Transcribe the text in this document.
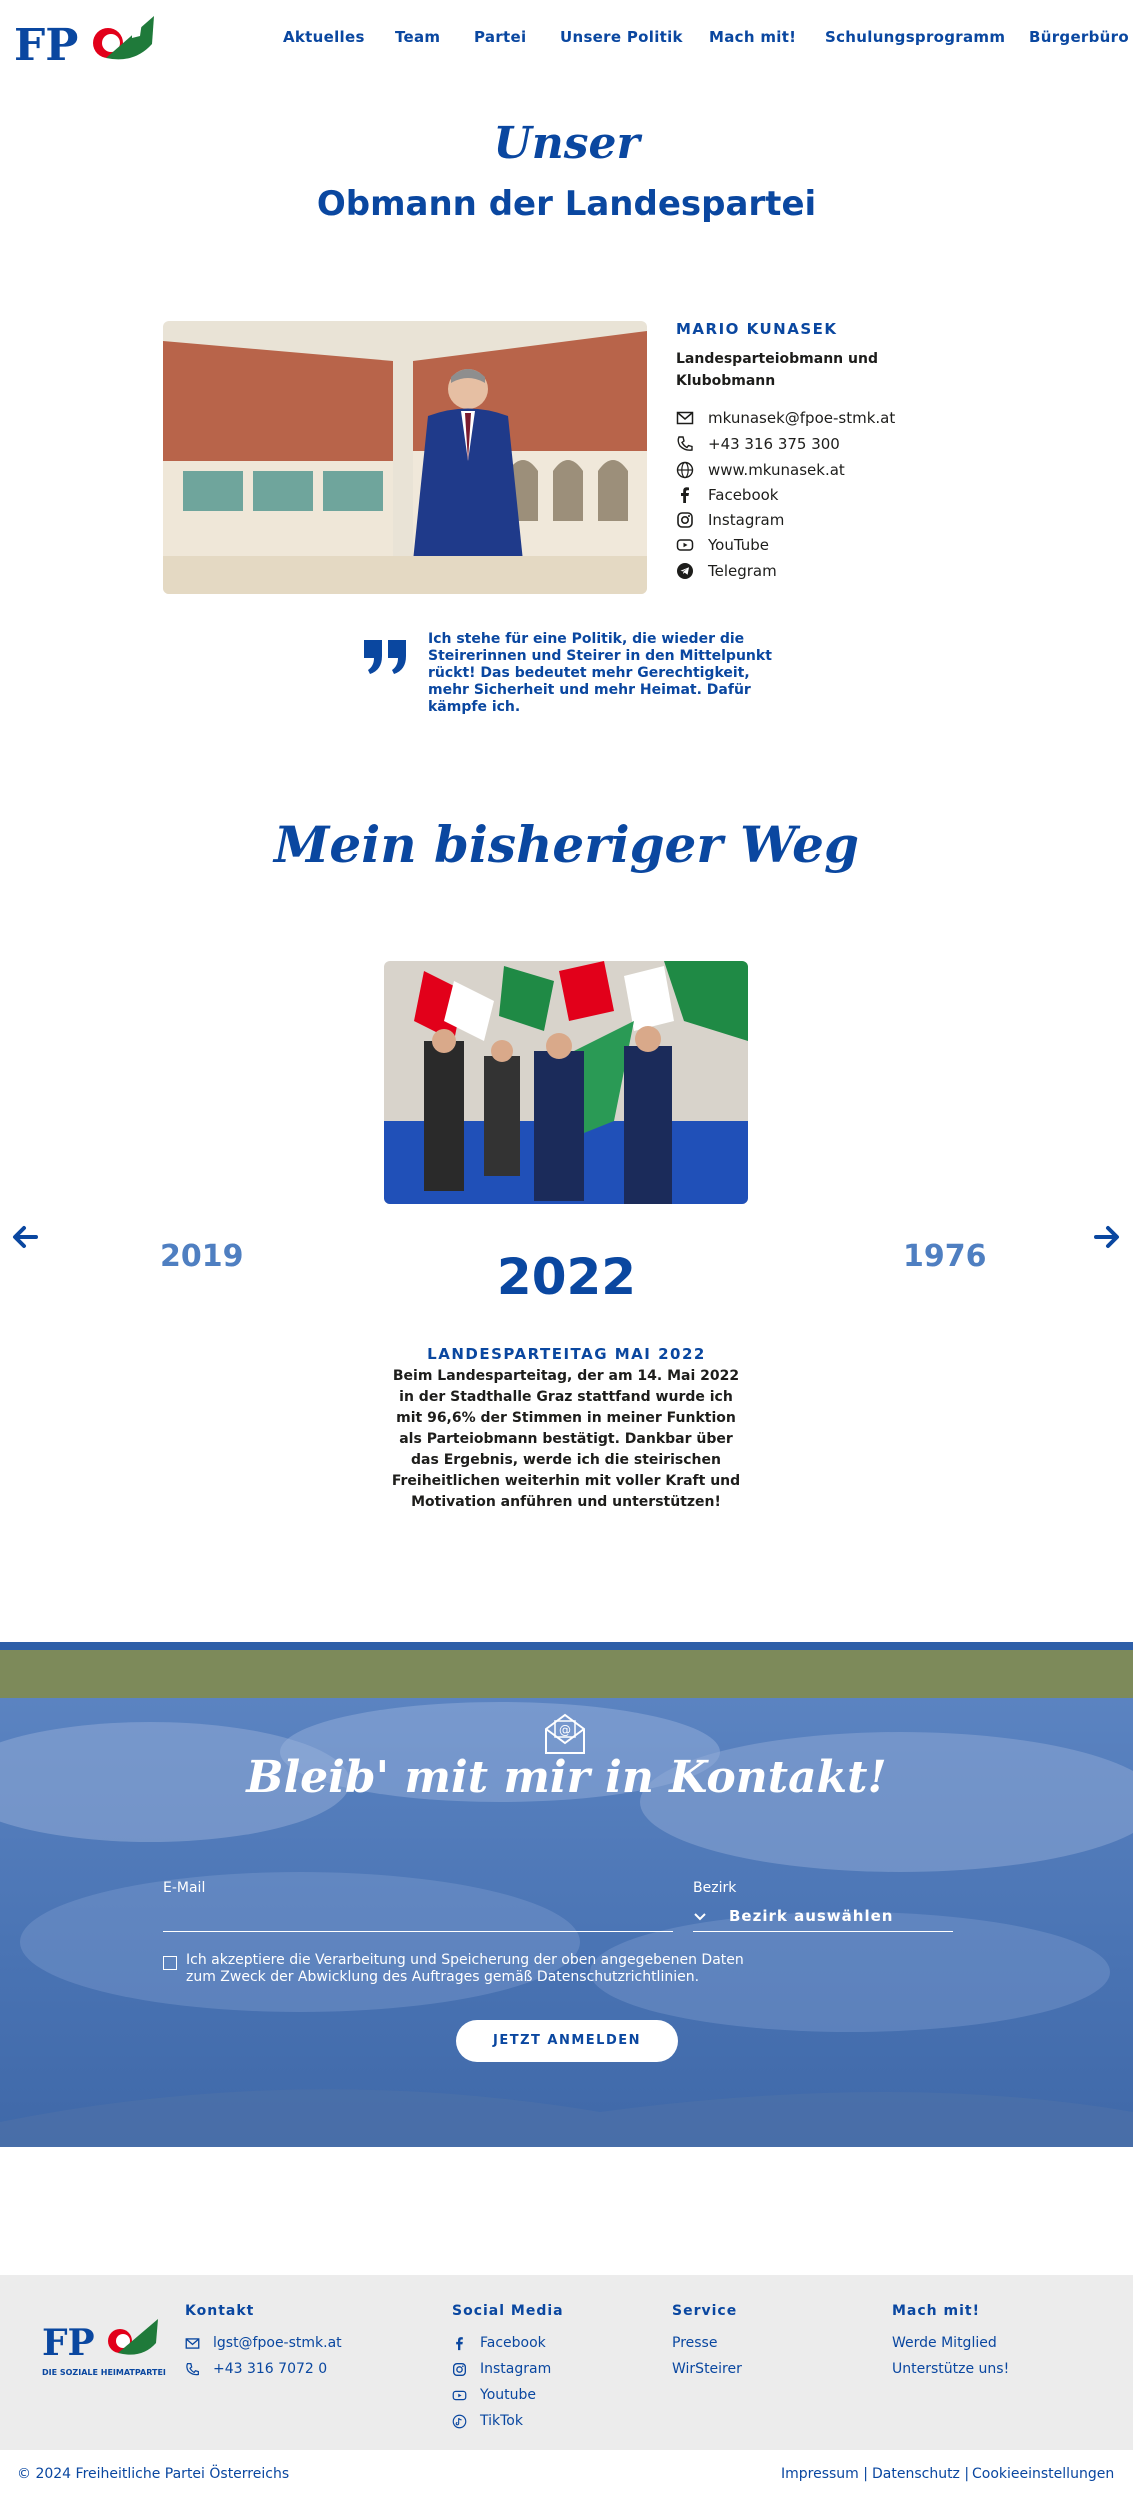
FP	Aktuelles Team Partei Unsere Politik Mach mit! Schulungsprogramm Bürgerbüro
Unser
Obmann der Landespartei
MARIO KUNASEK
Landesparteiobmann und Klubobmann
mkunasek@fpoe-stmk.at
+43 316 375 300
www.mkunasek.at
Facebook
Instagram
YouTube
Telegram
Ich stehe für eine Politik, die wieder die Steirerinnen und Steirer in den Mittelpunkt rückt! Das bedeutet mehr Gerechtigkeit, mehr Sicherheit und mehr Heimat. Dafür kämpfe ich.
Mein bisheriger Weg
2019	1976
2022
LANDESPARTEITAG MAI 2022
Beim Landesparteitag, der am 14. Mai 2022 in der Stadthalle Graz stattfand wurde ich mit 96,6% der Stimmen in meiner Funktion als Parteiobmann bestätigt. Dankbar über das Ergebnis, werde ich die steirischen Freiheitlichen weiterhin mit voller Kraft und Motivation anführen und unterstützen!
@
Bleib' mit mir in Kontakt!
E-Mail	Bezirk
Bezirk auswählen
Ich akzeptiere die Verarbeitung und Speicherung der oben angegebenen Daten zum Zweck der Abwicklung des Auftrages gemäß Datenschutzrichtlinien.
JETZT ANMELDEN
FP
DIE SOZIALE HEIMATPARTEI
Kontakt
lgst@fpoe-stmk.at
+43 316 7072 0
Social Media
Facebook
Instagram
Youtube
TikTok
Service
Presse
WirSteirer
Mach mit!
Werde Mitglied
Unterstütze uns!
© 2024 Freiheitliche Partei Österreichs	Impressum | Datenschutz | Cookieeinstellungen
